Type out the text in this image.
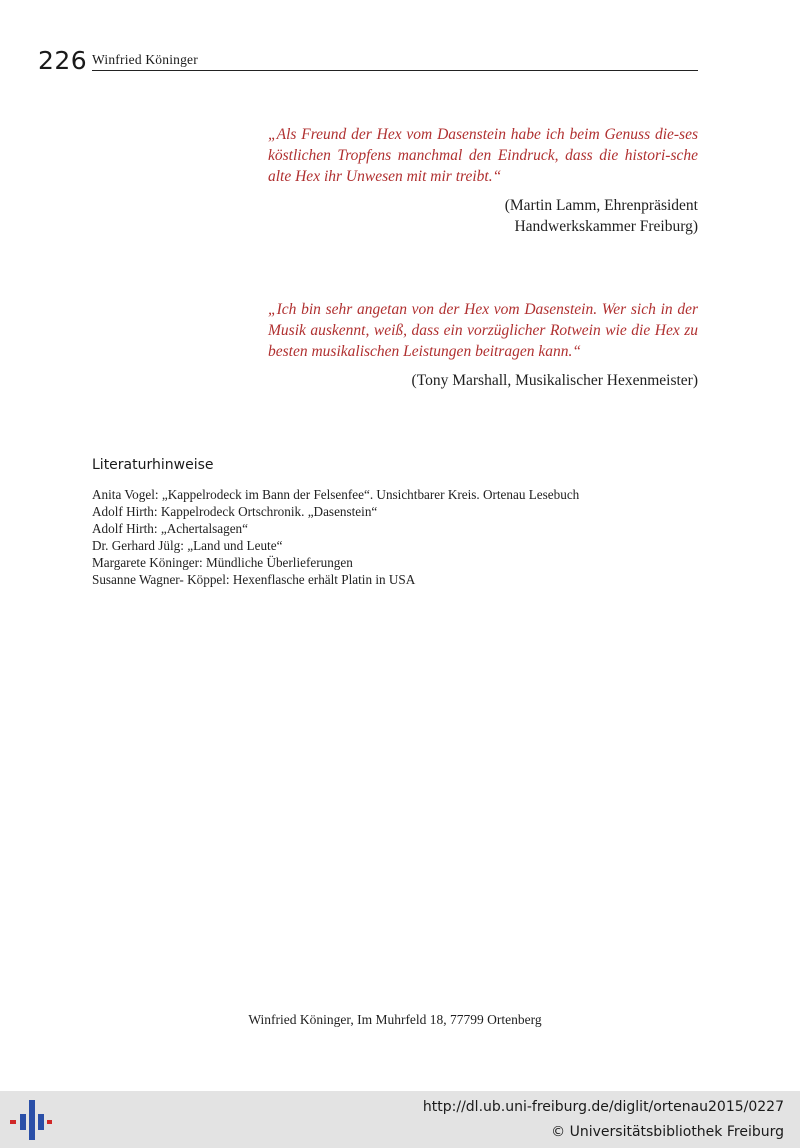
226 Winfried Köninger

„Als Freund der Hex vom Dasenstein habe ich beim Genuss die-ses köstlichen Tropfens manchmal den Eindruck, dass die histori-sche alte Hex ihr Unwesen mit mir treibt.“

(Martin Lamm, Ehrenpräsident
Handwerkskammer Freiburg)

„Ich bin sehr angetan von der Hex vom Dasenstein. Wer sich in der Musik auskennt, weiß, dass ein vorzüglicher Rotwein wie die Hex zu besten musikalischen Leistungen beitragen kann.“

(Tony Marshall, Musikalischer Hexenmeister)
Literaturhinweise
Anita Vogel: „Kappelrodeck im Bann der Felsenfee“. Unsichtbarer Kreis. Ortenau Lesebuch
Adolf Hirth: Kappelrodeck Ortschronik. „Dasenstein“
Adolf Hirth: „Achertalsagen“
Dr. Gerhard Jülg: „Land und Leute“
Margarete Köninger: Mündliche Überlieferungen
Susanne Wagner- Köppel: Hexenflasche erhält Platin in USA
Winfried Köninger, Im Muhrfeld 18, 77799 Ortenberg
http://dl.ub.uni-freiburg.de/diglit/ortenau2015/0227
© Universitätsbibliothek Freiburg
